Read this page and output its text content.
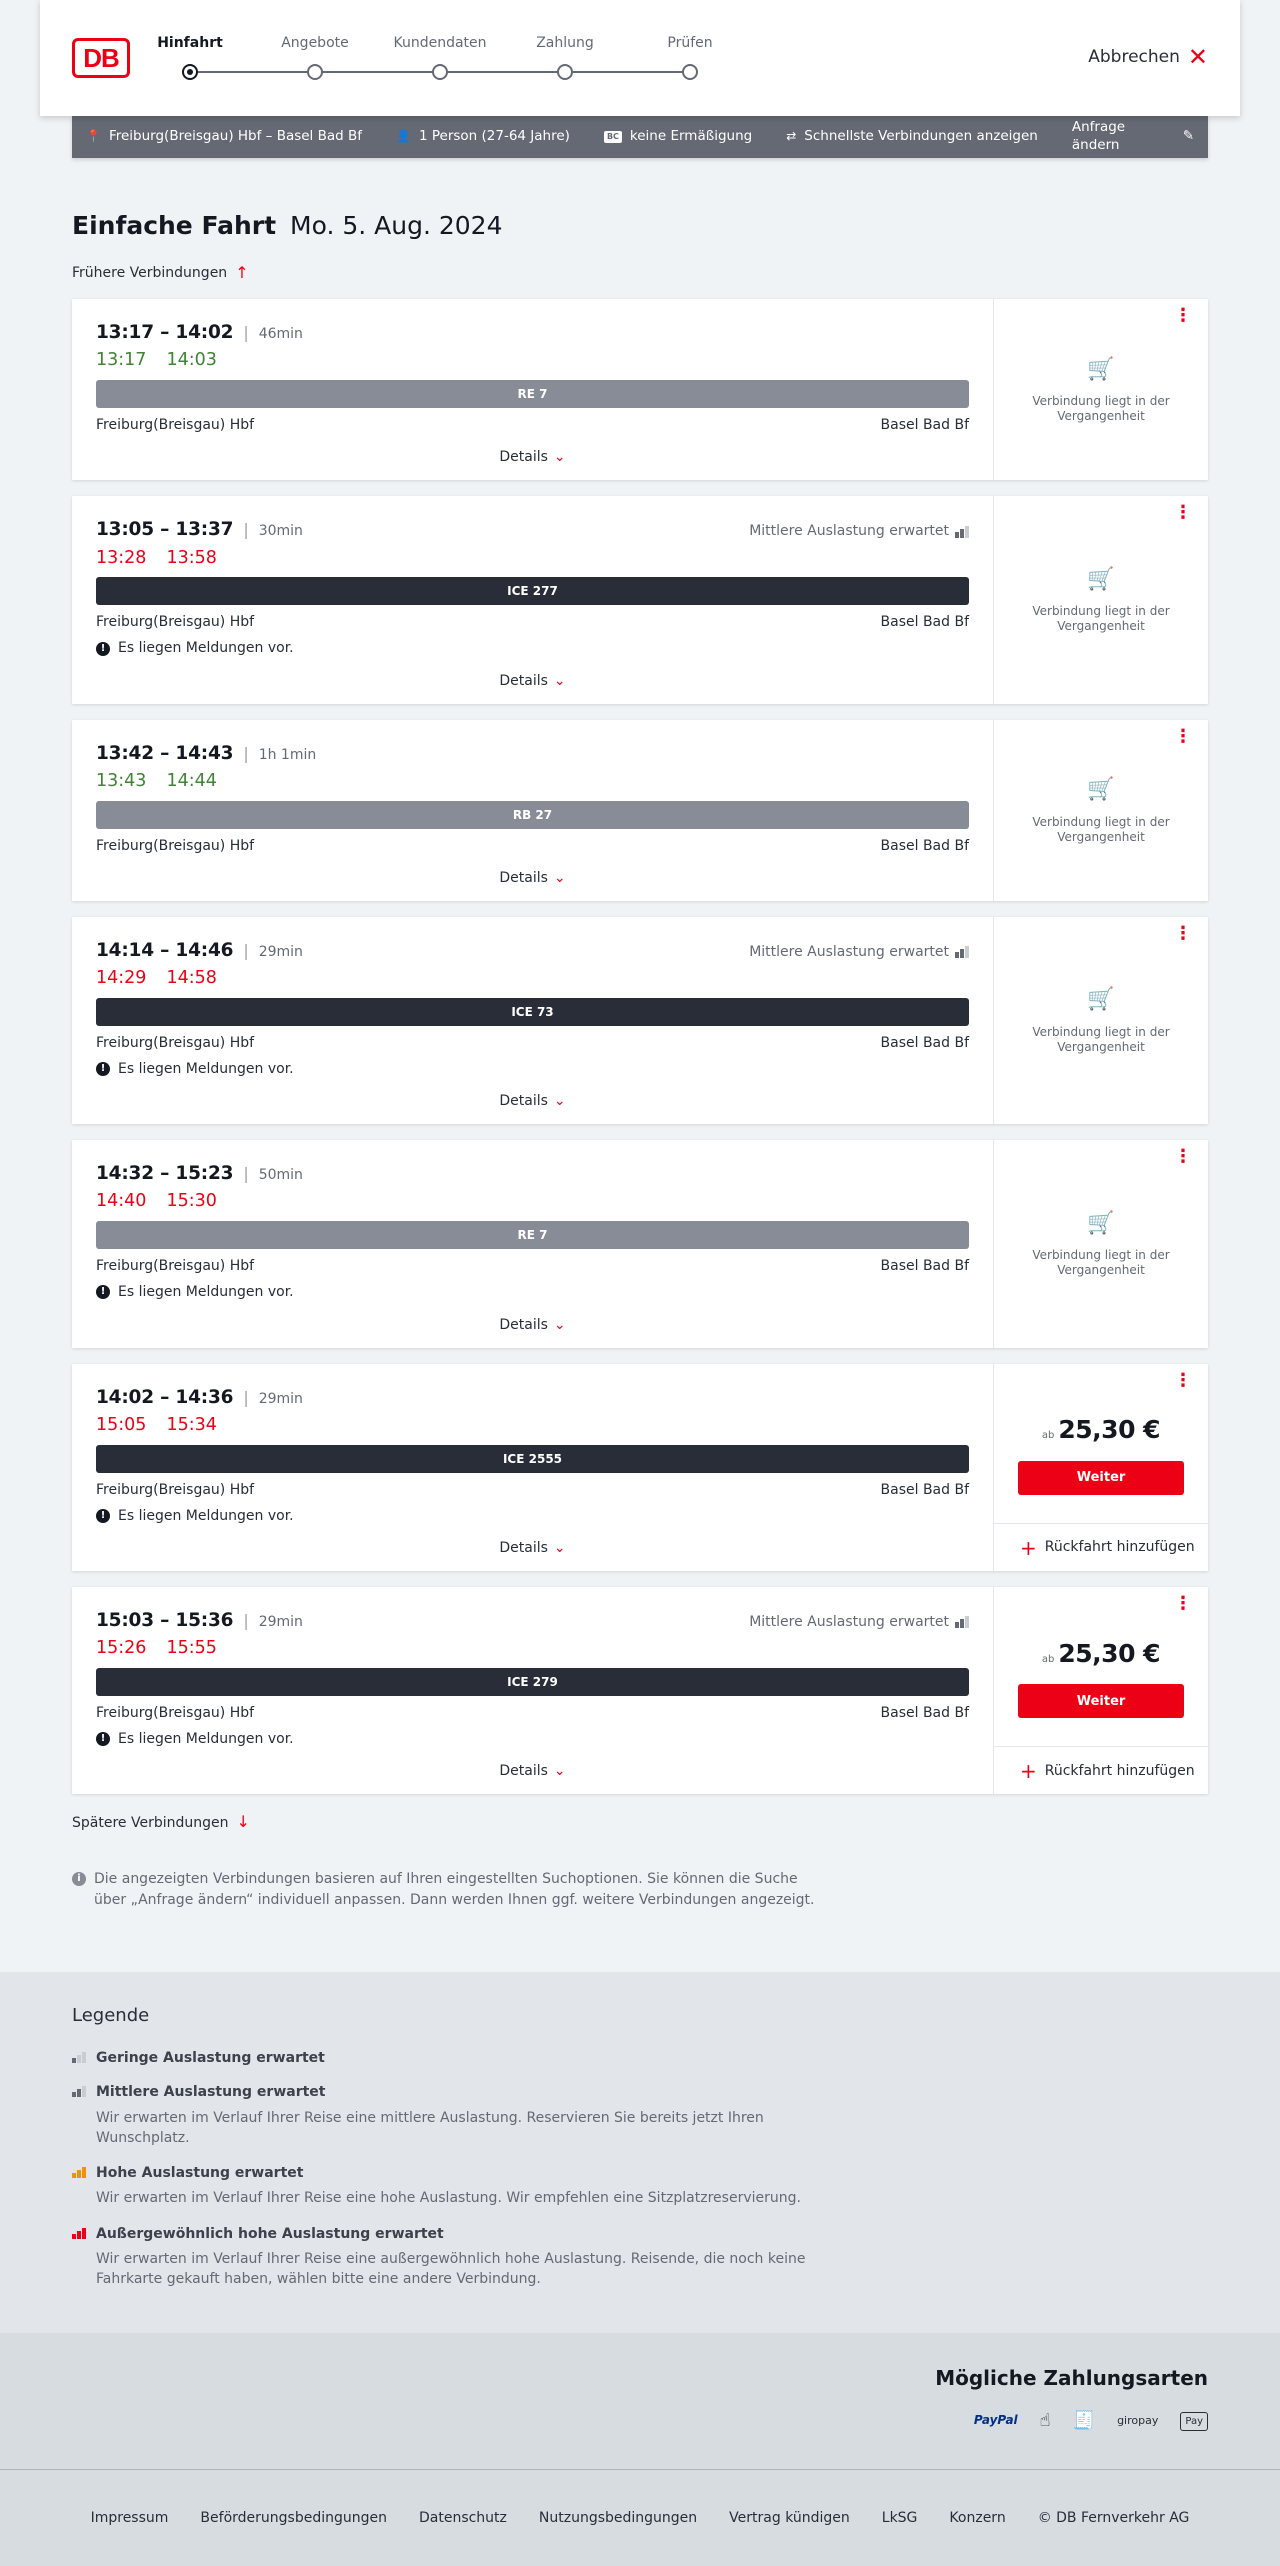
DB	Hinfahrt	Angebote	Kundendaten	Zahlung	Prüfen
Abbrechen ✕
📍 Freiburg(Breisgau) Hbf – Basel Bad Bf	👤 1 Person (27-64 Jahre)	BC keine Ermäßigung	⇄ Schnellste Verbindungen anzeigen
Anfrage ändern
✎
Einfache Fahrt Mo. 5. Aug. 2024
Frühere Verbindungen ↑
13:17 – 14:02 | 46min
13:17 14:03
RE 7
Freiburg(Breisgau) Hbf	Basel Bad Bf
Details ⌄
⋮
🛒
Verbindung liegt in der Vergangenheit
13:05 – 13:37 | 30min	Mittlere Auslastung erwartet
13:28 13:58
ICE 277
Freiburg(Breisgau) Hbf	Basel Bad Bf
! Es liegen Meldungen vor.
Details ⌄
⋮
🛒
Verbindung liegt in der Vergangenheit
13:42 – 14:43 | 1h 1min
13:43 14:44
RB 27
Freiburg(Breisgau) Hbf	Basel Bad Bf
Details ⌄
⋮
🛒
Verbindung liegt in der Vergangenheit
14:14 – 14:46 | 29min	Mittlere Auslastung erwartet
14:29 14:58
ICE 73
Freiburg(Breisgau) Hbf	Basel Bad Bf
! Es liegen Meldungen vor.
Details ⌄
⋮
🛒
Verbindung liegt in der Vergangenheit
14:32 – 15:23 | 50min
14:40 15:30
RE 7
Freiburg(Breisgau) Hbf	Basel Bad Bf
! Es liegen Meldungen vor.
Details ⌄
⋮
🛒
Verbindung liegt in der Vergangenheit
14:02 – 14:36 | 29min
15:05 15:34
ICE 2555
Freiburg(Breisgau) Hbf	Basel Bad Bf
! Es liegen Meldungen vor.
Details ⌄
⋮
ab 25,30 €
Weiter
+ Rückfahrt hinzufügen
15:03 – 15:36 | 29min	Mittlere Auslastung erwartet
15:26 15:55
ICE 279
Freiburg(Breisgau) Hbf	Basel Bad Bf
! Es liegen Meldungen vor.
Details ⌄
⋮
ab 25,30 €
Weiter
+ Rückfahrt hinzufügen
Spätere Verbindungen ↓
i Die angezeigten Verbindungen basieren auf Ihren eingestellten Suchoptionen. Sie können die Suche über „Anfrage ändern“ individuell anpassen. Dann werden Ihnen ggf. weitere Verbindungen angezeigt.
Legende
Geringe Auslastung erwartet
Mittlere Auslastung erwartet
Wir erwarten im Verlauf Ihrer Reise eine mittlere Auslastung. Reservieren Sie bereits jetzt Ihren Wunschplatz.
Hohe Auslastung erwartet
Wir erwarten im Verlauf Ihrer Reise eine hohe Auslastung. Wir empfehlen eine Sitzplatzreservierung.
Außergewöhnlich hohe Auslastung erwartet
Wir erwarten im Verlauf Ihrer Reise eine außergewöhnlich hohe Auslastung. Reisende, die noch keine Fahrkarte gekauft haben, wählen bitte eine andere Verbindung.
Mögliche Zahlungsarten
PayPal ☝ 🧾 giropay	Pay
Impressum Beförderungsbedingungen Datenschutz Nutzungsbedingungen Vertrag kündigen LkSG Konzern © DB Fernverkehr AG
